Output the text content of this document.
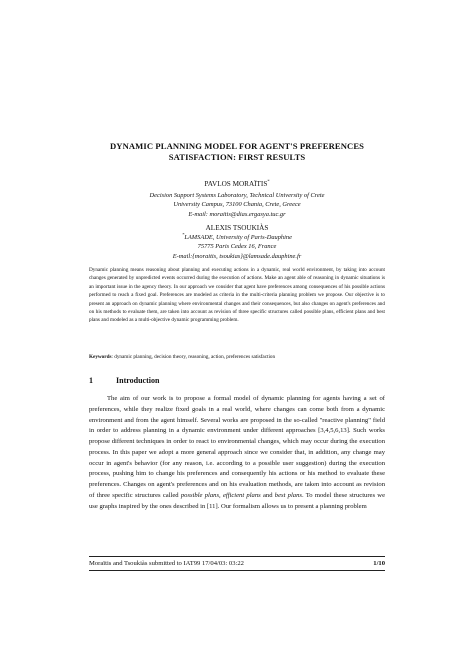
DYNAMIC PLANNING MODEL FOR AGENT'S PREFERENCES
SATISFACTION: FIRST RESULTS
PAVLOS MORAÏTIS*
Decision Support Systems Laboratory, Technical University of Crete
University Campus, 73100 Chania, Crete, Greece
E-mail: moraitis@dias.ergasya.tuc.gr
ALEXIS TSOUKIÀS
*LAMSADE, University of Paris-Dauphine
75775 Paris Cedex 16, France
E-mail:{moraitis, tsoukias}@lamsade.dauphine.fr
Dynamic planning means reasoning about planning and executing actions in a dynamic, real world environment, by taking into account changes generated by unpredicted events occurred during the execution of actions. Make an agent able of reasoning in dynamic situations is an important issue in the agency theory. In our approach we consider that agent have preferences among consequences of his possible actions performed to reach a fixed goal. Preferences are modeled as criteria in the multi-criteria planning problem we propose. Our objective is to present an approach on dynamic planning where environmental changes and their consequences, but also changes on agent's preferences and on his methods to evaluate them, are taken into account as revision of three specific structures called possible plans, efficient plans and best plans and modeled as a multi-objective dynamic programming problem.
Keywords: dynamic planning, decision theory, reasoning, action, preferences satisfaction
1	Introduction
The aim of our work is to propose a formal model of dynamic planning for agents having a set of preferences, while they realize fixed goals in a real world, where changes can come both from a dynamic environment and from the agent himself. Several works are proposed in the so-called "reactive planning" field in order to address planning in a dynamic environment under different approaches [3,4,5,6,13]. Such works propose different techniques in order to react to environmental changes, which may occur during the execution process. In this paper we adopt a more general approach since we consider that, in addition, any change may occur in agent's behavior (for any reason, i.e. according to a possible user suggestion) during the execution process, pushing him to change his preferences and consequently his actions or his method to evaluate these preferences. Changes on agent's preferences and on his evaluation methods, are taken into account as revision of three specific structures called possible plans, efficient plans and best plans. To model these structures we use graphs inspired by the ones described in [11]. Our formalism allows us to present a planning problem
Moraïtis and Tsoukiàs submitted to IAT99 17/04/03: 03:22	1/10
